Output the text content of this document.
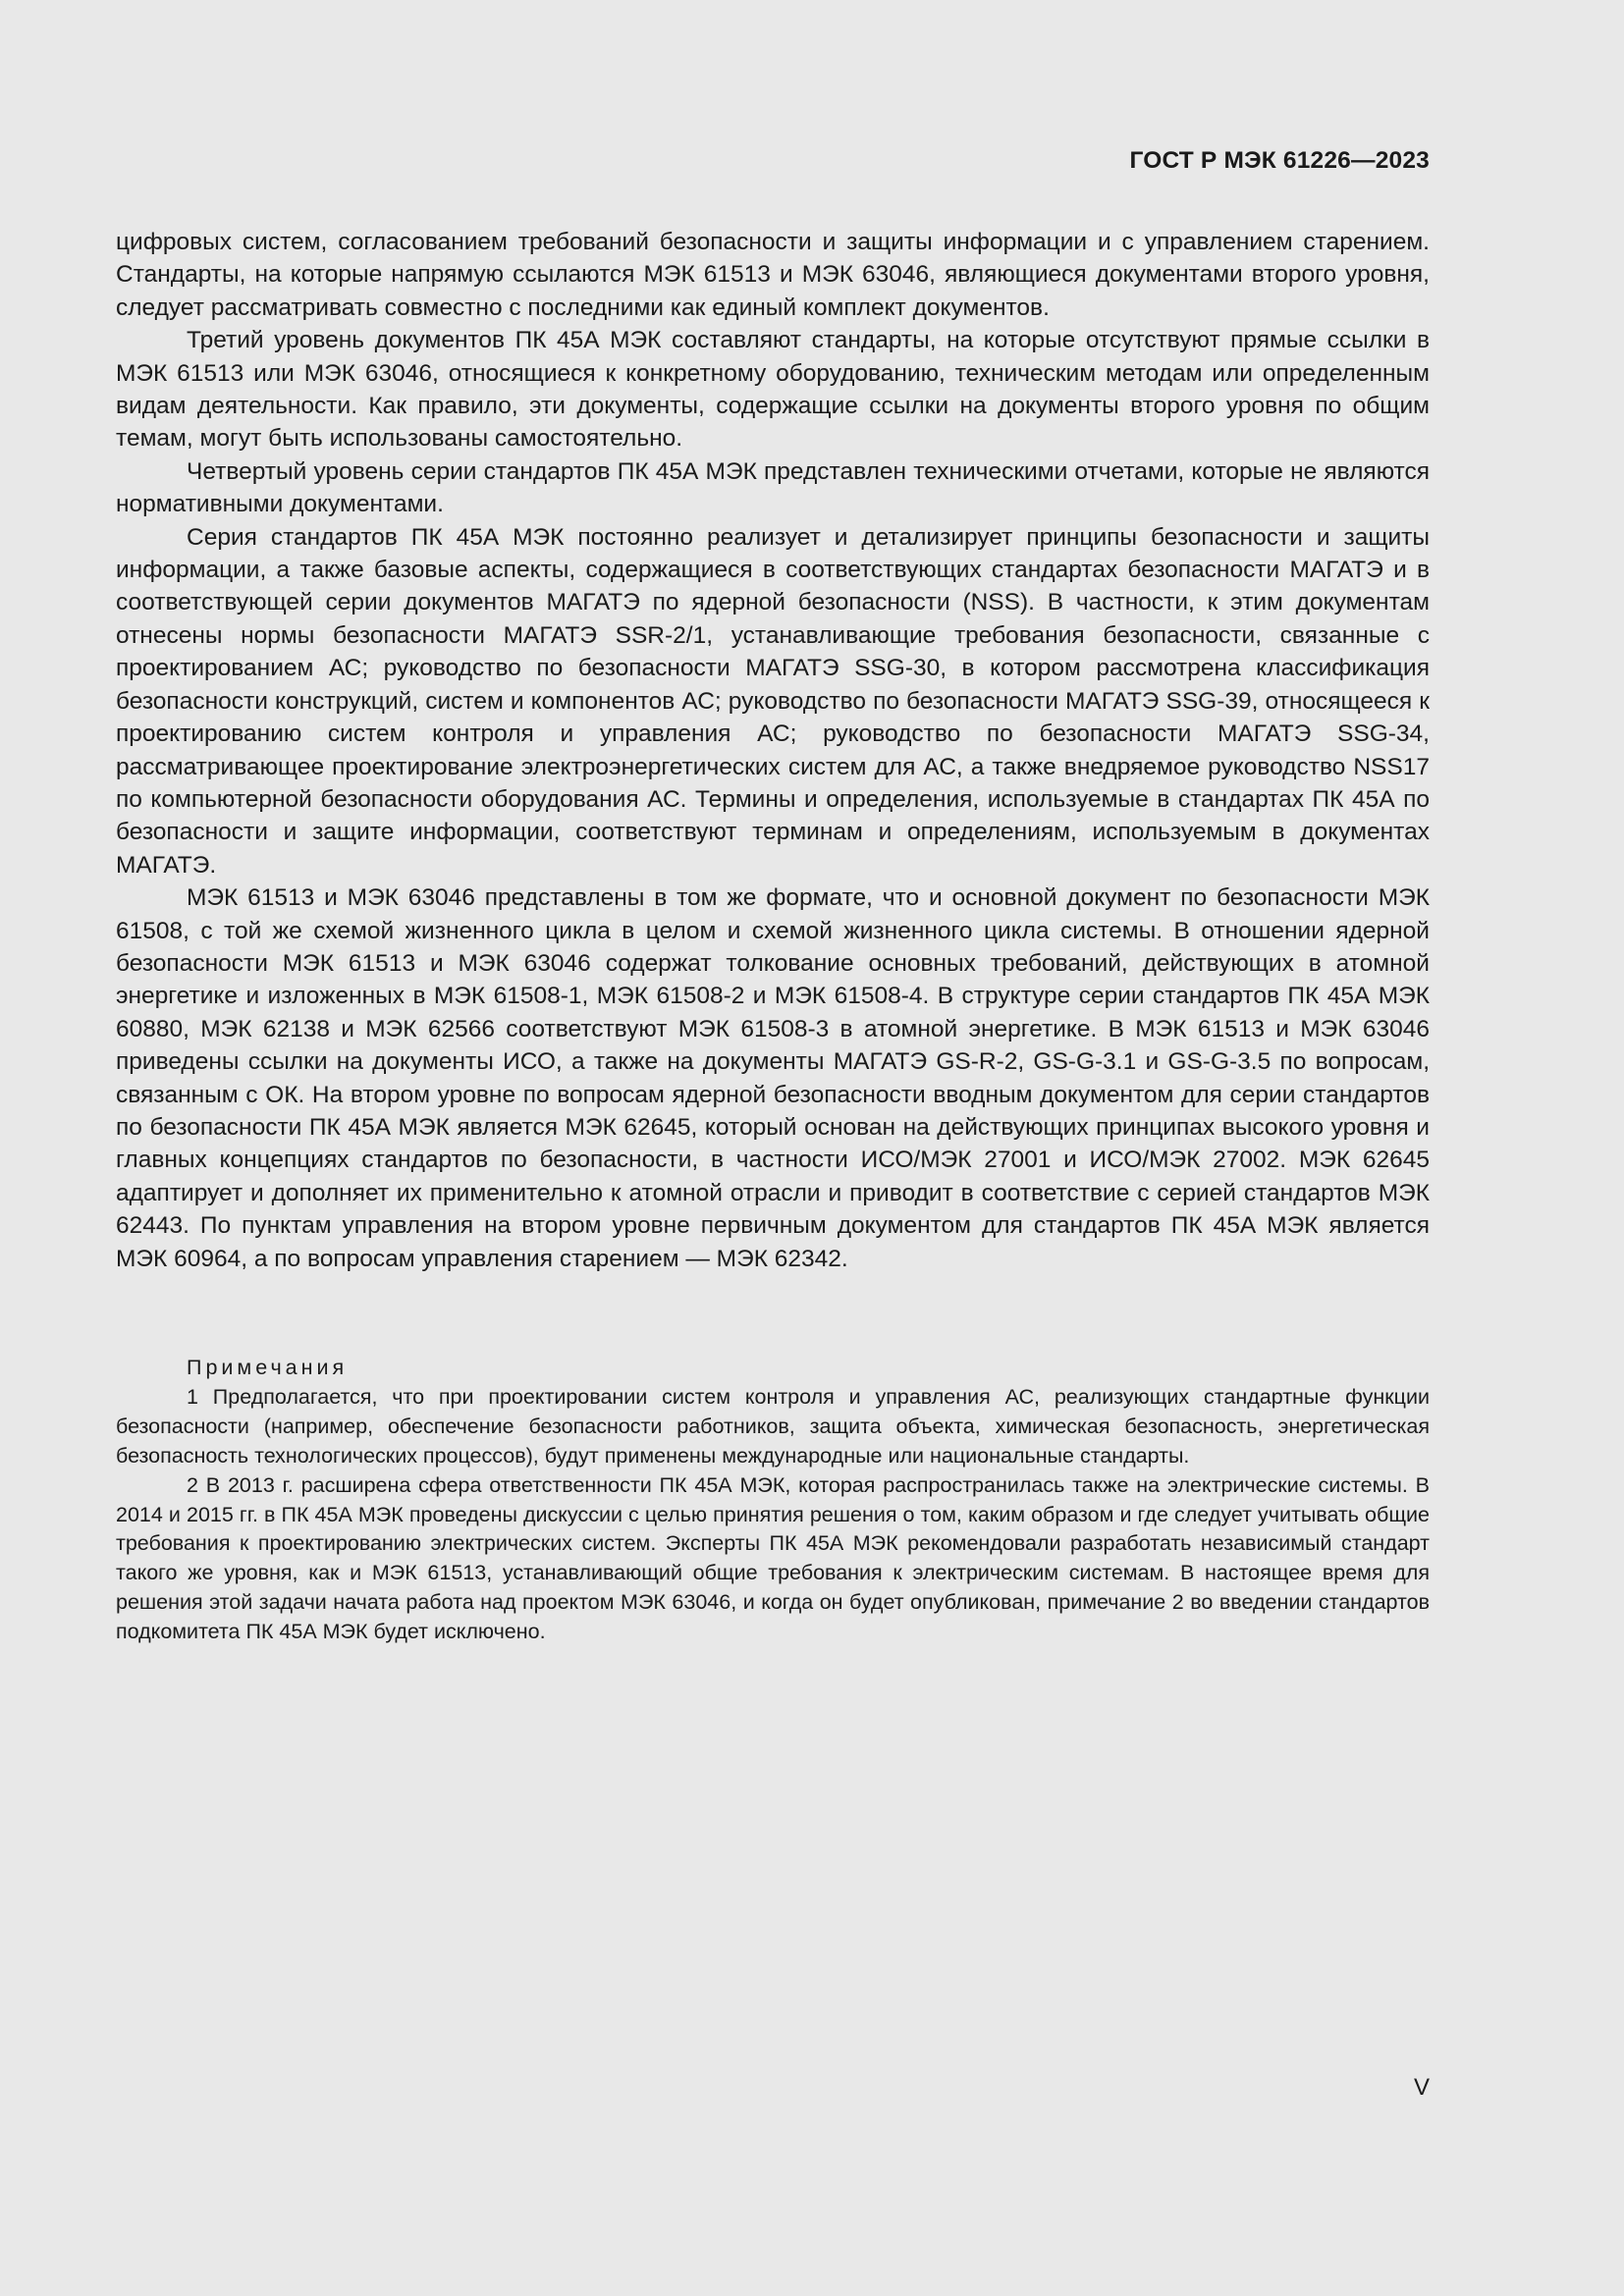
ГОСТ Р МЭК 61226—2023

цифровых систем, согласованием требований безопасности и защиты информации и с управлением старением. Стандарты, на которые напрямую ссылаются МЭК 61513 и МЭК 63046, являющиеся документами второго уровня, следует рассматривать совместно с последними как единый комплект документов.

Третий уровень документов ПК 45А МЭК составляют стандарты, на которые отсутствуют прямые ссылки в МЭК 61513 или МЭК 63046, относящиеся к конкретному оборудованию, техническим методам или определенным видам деятельности. Как правило, эти документы, содержащие ссылки на документы второго уровня по общим темам, могут быть использованы самостоятельно.

Четвертый уровень серии стандартов ПК 45А МЭК представлен техническими отчетами, которые не являются нормативными документами.

Серия стандартов ПК 45А МЭК постоянно реализует и детализирует принципы безопасности и защиты информации, а также базовые аспекты, содержащиеся в соответствующих стандартах безопасности МАГАТЭ и в соответствующей серии документов МАГАТЭ по ядерной безопасности (NSS). В частности, к этим документам отнесены нормы безопасности МАГАТЭ SSR-2/1, устанавливающие требования безопасности, связанные с проектированием АС; руководство по безопасности МАГАТЭ SSG-30, в котором рассмотрена классификация безопасности конструкций, систем и компонентов АС; руководство по безопасности МАГАТЭ SSG-39, относящееся к проектированию систем контроля и управления АС; руководство по безопасности МАГАТЭ SSG-34, рассматривающее проектирование электроэнергетических систем для АС, а также внедряемое руководство NSS17 по компьютерной безопасности оборудования АС. Термины и определения, используемые в стандартах ПК 45А по безопасности и защите информации, соответствуют терминам и определениям, используемым в документах МАГАТЭ.

МЭК 61513 и МЭК 63046 представлены в том же формате, что и основной документ по безопасности МЭК 61508, с той же схемой жизненного цикла в целом и схемой жизненного цикла системы. В отношении ядерной безопасности МЭК 61513 и МЭК 63046 содержат толкование основных требований, действующих в атомной энергетике и изложенных в МЭК 61508-1, МЭК 61508-2 и МЭК 61508-4. В структуре серии стандартов ПК 45А МЭК 60880, МЭК 62138 и МЭК 62566 соответствуют МЭК 61508-3 в атомной энергетике. В МЭК 61513 и МЭК 63046 приведены ссылки на документы ИСО, а также на документы МАГАТЭ GS-R-2, GS-G-3.1 и GS-G-3.5 по вопросам, связанным с ОК. На втором уровне по вопросам ядерной безопасности вводным документом для серии стандартов по безопасности ПК 45А МЭК является МЭК 62645, который основан на действующих принципах высокого уровня и главных концепциях стандартов по безопасности, в частности ИСО/МЭК 27001 и ИСО/МЭК 27002. МЭК 62645 адаптирует и дополняет их применительно к атомной отрасли и приводит в соответствие с серией стандартов МЭК 62443. По пунктам управления на втором уровне первичным документом для стандартов ПК 45А МЭК является МЭК 60964, а по вопросам управления старением — МЭК 62342.

Примечания

1 Предполагается, что при проектировании систем контроля и управления АС, реализующих стандартные функции безопасности (например, обеспечение безопасности работников, защита объекта, химическая безопасность, энергетическая безопасность технологических процессов), будут применены международные или национальные стандарты.

2 В 2013 г. расширена сфера ответственности ПК 45А МЭК, которая распространилась также на электрические системы. В 2014 и 2015 гг. в ПК 45А МЭК проведены дискуссии с целью принятия решения о том, каким образом и где следует учитывать общие требования к проектированию электрических систем. Эксперты ПК 45А МЭК рекомендовали разработать независимый стандарт такого же уровня, как и МЭК 61513, устанавливающий общие требования к электрическим системам. В настоящее время для решения этой задачи начата работа над проектом МЭК 63046, и когда он будет опубликован, примечание 2 во введении стандартов подкомитета ПК 45А МЭК будет исключено.

V
